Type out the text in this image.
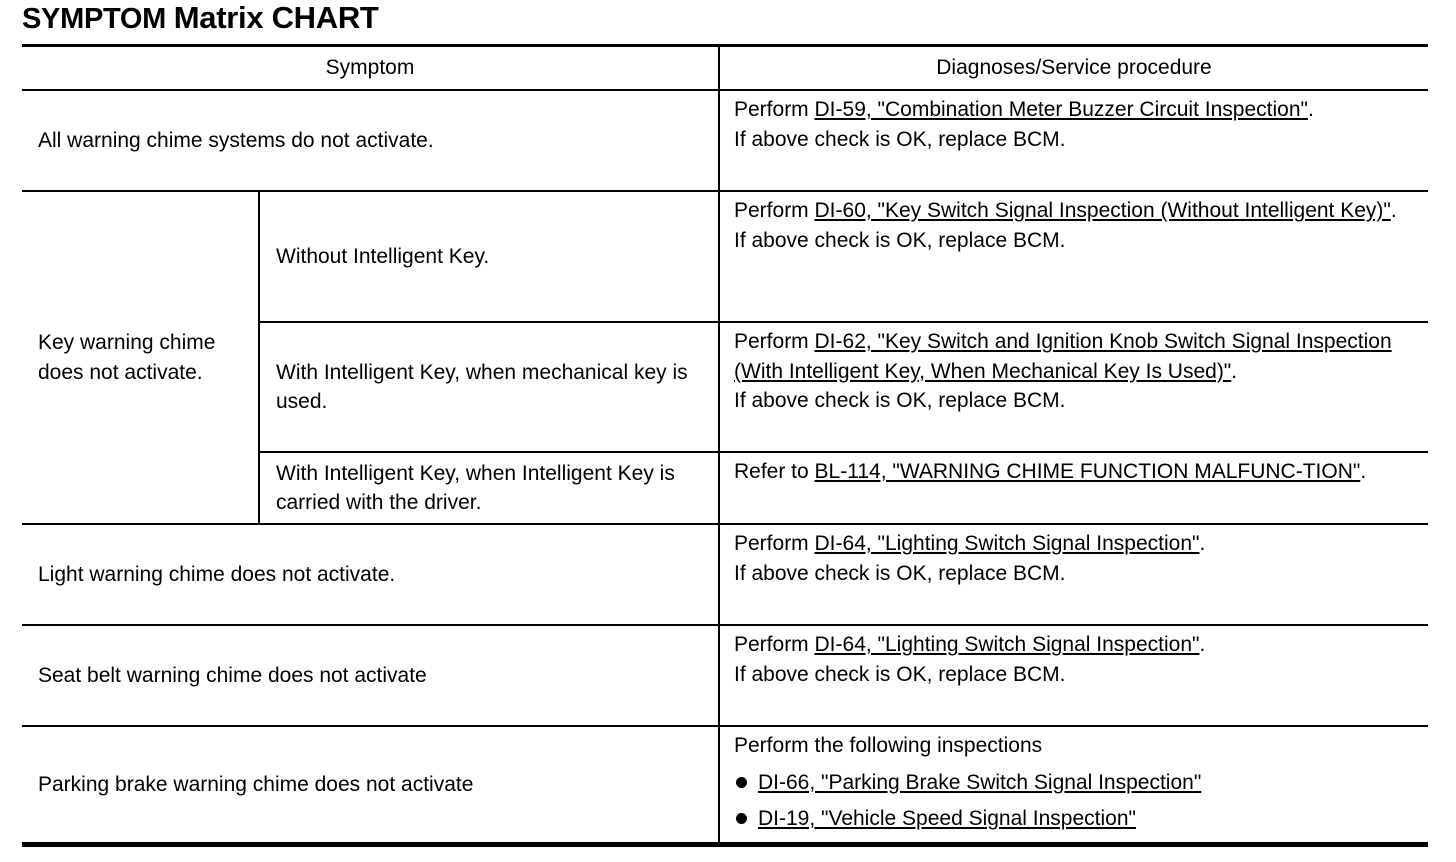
SYMPTOM Matrix CHART
Symptom		Diagnoses/Service procedure
All warning chime systems do not activate.		Perform DI-59, "Combination Meter Buzzer Circuit Inspection".
If above check is OK, replace BCM.
Key warning chime does not activate.	Without Intelligent Key.	Perform DI-60, "Key Switch Signal Inspection (Without Intelligent Key)".
If above check is OK, replace BCM.
	With Intelligent Key, when mechanical key is used.	Perform DI-62, "Key Switch and Ignition Knob Switch Signal Inspection (With Intelligent Key, When Mechanical Key Is Used)".
If above check is OK, replace BCM.
	With Intelligent Key, when Intelligent Key is carried with the driver.	Refer to BL-114, "WARNING CHIME FUNCTION MALFUNC-TION".
Light warning chime does not activate.		Perform DI-64, "Lighting Switch Signal Inspection".
If above check is OK, replace BCM.
Seat belt warning chime does not activate		Perform DI-64, "Lighting Switch Signal Inspection".
If above check is OK, replace BCM.
Parking brake warning chime does not activate		Perform the following inspections
DI-66, "Parking Brake Switch Signal Inspection"
DI-19, "Vehicle Speed Signal Inspection"
